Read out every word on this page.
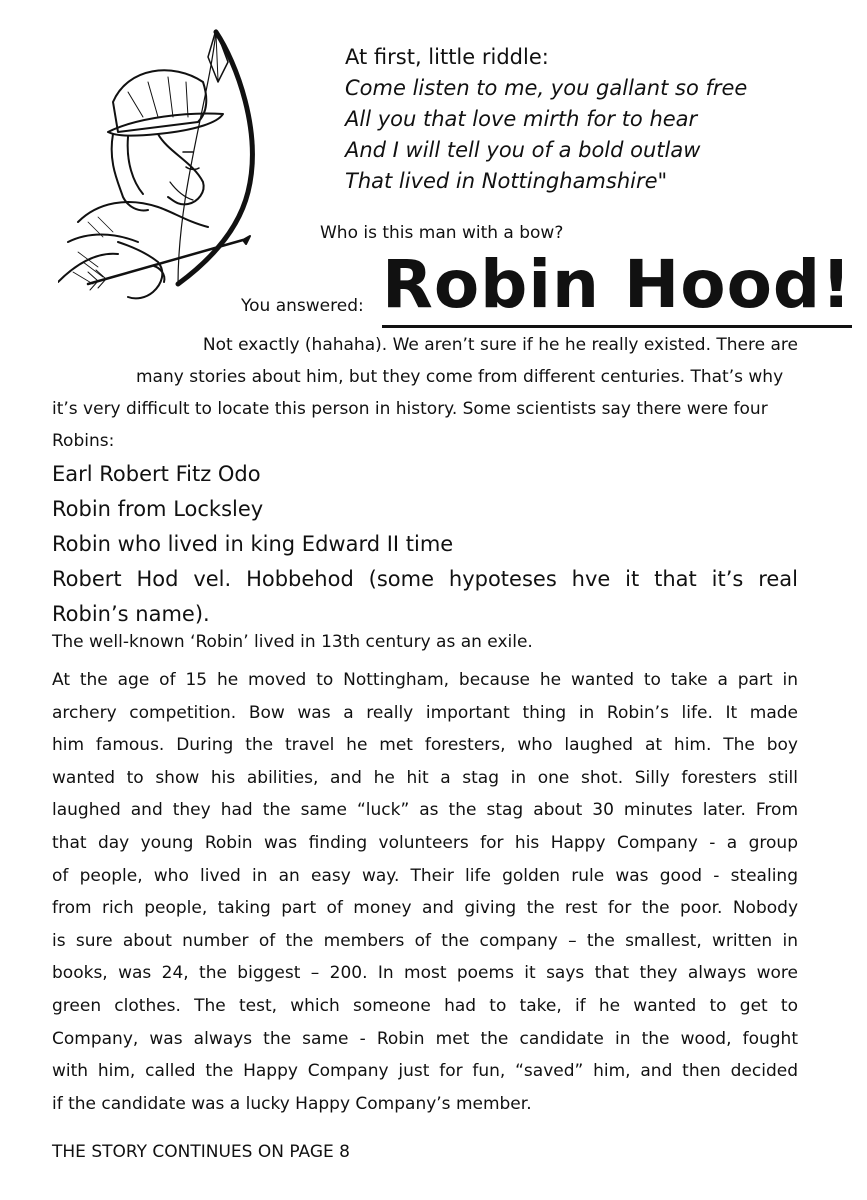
At first, little riddle:
Come listen to me, you gallant so free
All you that love mirth for to hear
And I will tell you of a bold outlaw
That lived in Nottinghamshire"
Who is this man with a bow?
You answered: Robin Hood!
Not exactly (hahaha). We aren’t sure if he he really existed. There are
many stories about him, but they come from different centuries. That’s why
it’s very difficult to locate this person in history. Some scientists say there were four
Robins:
Earl Robert Fitz Odo
Robin from Locksley
Robin who lived in king Edward II time
Robert Hod vel. Hobbehod (some hypoteses hve it that it’s real Robin’s name).
The well-known ‘Robin’ lived in 13th century as an exile.
At the age of 15 he moved to Nottingham, because he wanted to take a part in
archery competition. Bow was a really important thing in Robin’s life. It made
him famous. During the travel he met foresters, who laughed at him. The boy
wanted to show his abilities, and he hit a stag in one shot. Silly foresters still
laughed and they had the same “luck” as the stag about 30 minutes later. From
that day young Robin was finding volunteers for his Happy Company - a group
of people, who lived in an easy way. Their life golden rule was good - stealing
from rich people, taking part of money and giving the rest for the poor. Nobody
is sure about number of the members of the company – the smallest, written in
books, was 24, the biggest – 200. In most poems it says that they always wore
green clothes. The test, which someone had to take, if he wanted to get to
Company, was always the same - Robin met the candidate in the wood, fought
with him, called the Happy Company just for fun, “saved” him, and then decided
if the candidate was a lucky Happy Company’s member.
THE STORY CONTINUES ON PAGE 8
